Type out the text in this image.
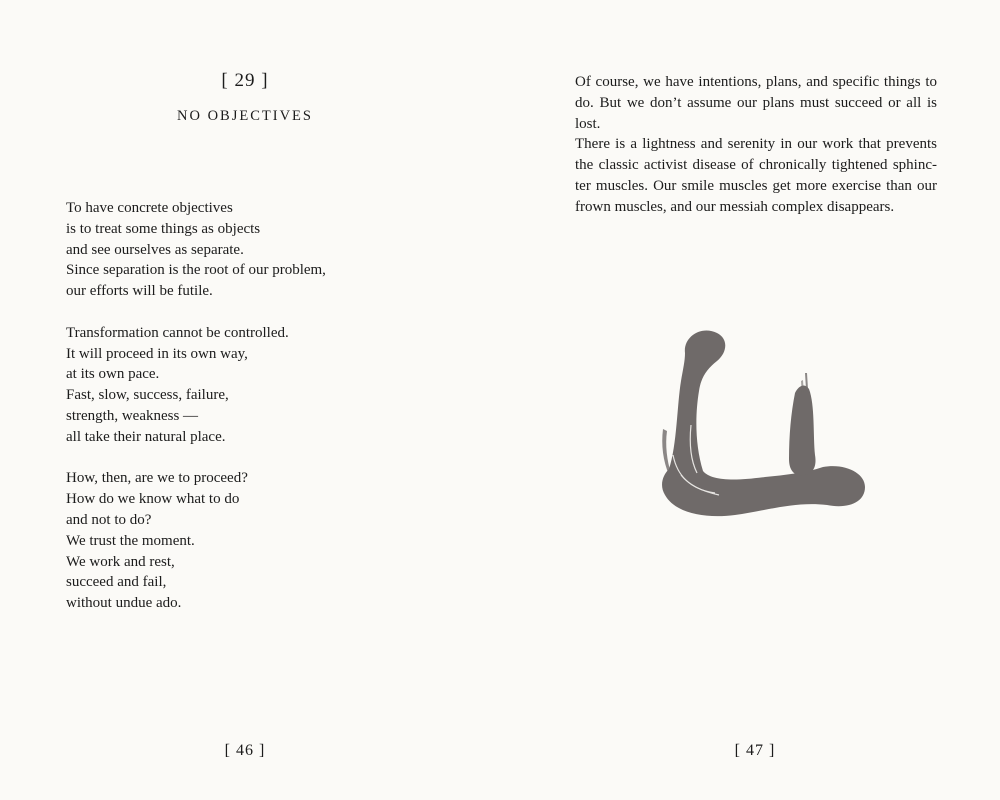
[ 29 ]
NO OBJECTIVES
To have concrete objectives
is to treat some things as objects
and see ourselves as separate.
Since separation is the root of our problem,
our efforts will be futile.
Transformation cannot be controlled.
It will proceed in its own way,
at its own pace.
Fast, slow, success, failure,
strength, weakness —
all take their natural place.
How, then, are we to proceed?
How do we know what to do
and not to do?
We trust the moment.
We work and rest,
succeed and fail,
without undue ado.
[ 46 ]
Of course, we have intentions, plans, and specific things to
do. But we don’t assume our plans must succeed or all is lost.
There is a lightness and serenity in our work that prevents
the classic activist disease of chronically tightened sphinc-
ter muscles. Our smile muscles get more exercise than our
frown muscles, and our messiah complex disappears.
[ 47 ]
